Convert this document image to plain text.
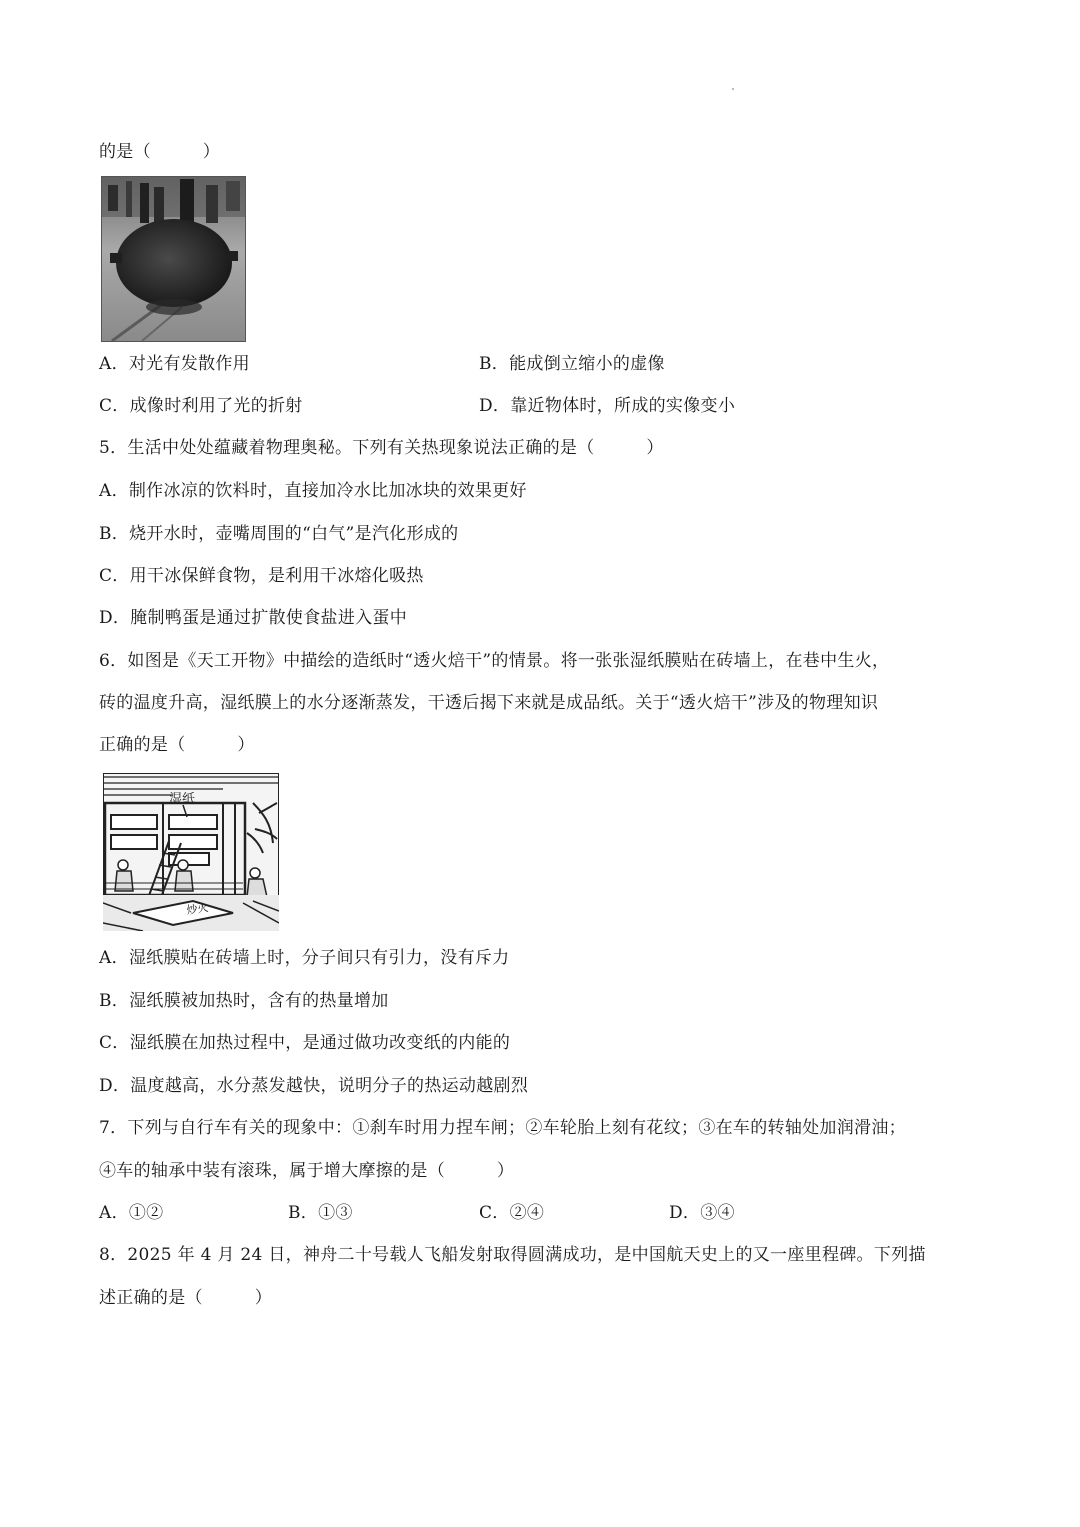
的是（　　　）
A．对光有发散作用	B．能成倒立缩小的虚像
C．成像时利用了光的折射	D．靠近物体时，所成的实像变小
5．生活中处处蕴藏着物理奥秘。下列有关热现象说法正确的是（　　　）
A．制作冰凉的饮料时，直接加冷水比加冰块的效果更好
B．烧开水时，壶嘴周围的“白气”是汽化形成的
C．用干冰保鲜食物，是利用干冰熔化吸热
D．腌制鸭蛋是通过扩散使食盐进入蛋中
6．如图是《天工开物》中描绘的造纸时“透火焙干”的情景。将一张张湿纸膜贴在砖墙上，在巷中生火，
砖的温度升高，湿纸膜上的水分逐渐蒸发，干透后揭下来就是成品纸。关于“透火焙干”涉及的物理知识
正确的是（　　　）
湿纸
炒火
A．湿纸膜贴在砖墙上时，分子间只有引力，没有斥力
B．湿纸膜被加热时，含有的热量增加
C．湿纸膜在加热过程中，是通过做功改变纸的内能的
D．温度越高，水分蒸发越快，说明分子的热运动越剧烈
7．下列与自行车有关的现象中：①刹车时用力捏车闸；②车轮胎上刻有花纹；③在车的转轴处加润滑油；
④车的轴承中装有滚珠，属于增大摩擦的是（　　　）
A．①②	B．①③	C．②④	D．③④
8．2025 年 4 月 24 日，神舟二十号载人飞船发射取得圆满成功，是中国航天史上的又一座里程碑。下列描
述正确的是（　　　）
